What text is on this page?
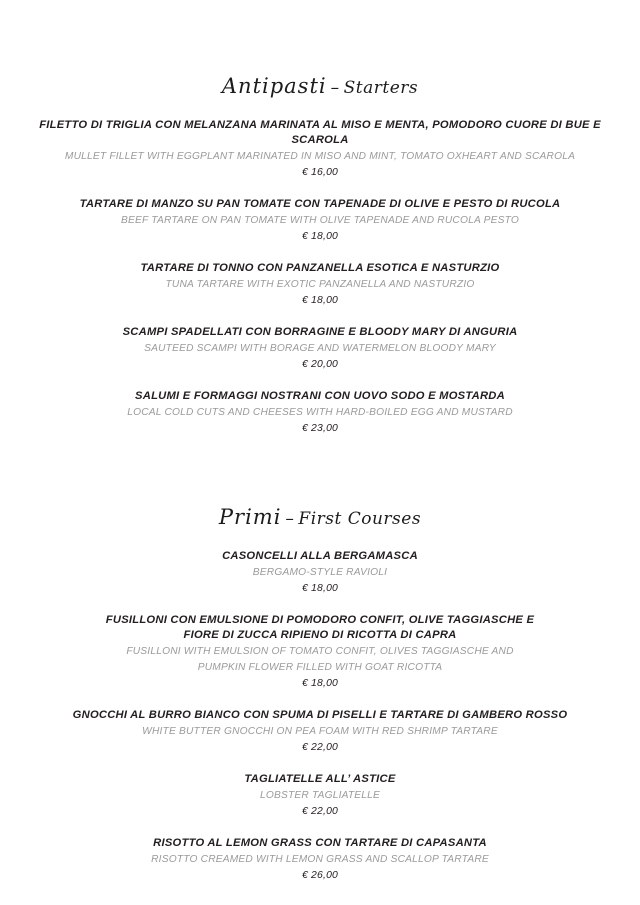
Antipasti – Starters

FILETTO DI TRIGLIA CON MELANZANA MARINATA AL MISO E MENTA, POMODORO CUORE DI BUE E SCAROLA

MULLET FILLET WITH EGGPLANT MARINATED IN MISO AND MINT, TOMATO OXHEART AND SCAROLA

€ 16,00

TARTARE DI MANZO SU PAN TOMATE CON TAPENADE DI OLIVE E PESTO DI RUCOLA

BEEF TARTARE ON PAN TOMATE WITH OLIVE TAPENADE AND RUCOLA PESTO

€ 18,00

TARTARE DI TONNO CON PANZANELLA ESOTICA E NASTURZIO

TUNA TARTARE WITH EXOTIC PANZANELLA AND NASTURZIO

€ 18,00

SCAMPI SPADELLATI CON BORRAGINE E BLOODY MARY DI ANGURIA

SAUTEED SCAMPI WITH BORAGE AND WATERMELON BLOODY MARY

€ 20,00

SALUMI E FORMAGGI NOSTRANI CON UOVO SODO E MOSTARDA

LOCAL COLD CUTS AND CHEESES WITH HARD-BOILED EGG AND MUSTARD

€ 23,00

Primi – First Courses

CASONCELLI ALLA BERGAMASCA

BERGAMO-STYLE RAVIOLI

€ 18,00

FUSILLONI CON EMULSIONE DI POMODORO CONFIT, OLIVE TAGGIASCHE E

FIORE DI ZUCCA RIPIENO DI RICOTTA DI CAPRA

FUSILLONI WITH EMULSION OF TOMATO CONFIT, OLIVES TAGGIASCHE AND

PUMPKIN FLOWER FILLED WITH GOAT RICOTTA

€ 18,00

GNOCCHI AL BURRO BIANCO CON SPUMA DI PISELLI E TARTARE DI GAMBERO ROSSO

WHITE BUTTER GNOCCHI ON PEA FOAM WITH RED SHRIMP TARTARE

€ 22,00

TAGLIATELLE ALL’ ASTICE

LOBSTER TAGLIATELLE

€ 22,00

RISOTTO AL LEMON GRASS CON TARTARE DI CAPASANTA

RISOTTO CREAMED WITH LEMON GRASS AND SCALLOP TARTARE

€ 26,00
